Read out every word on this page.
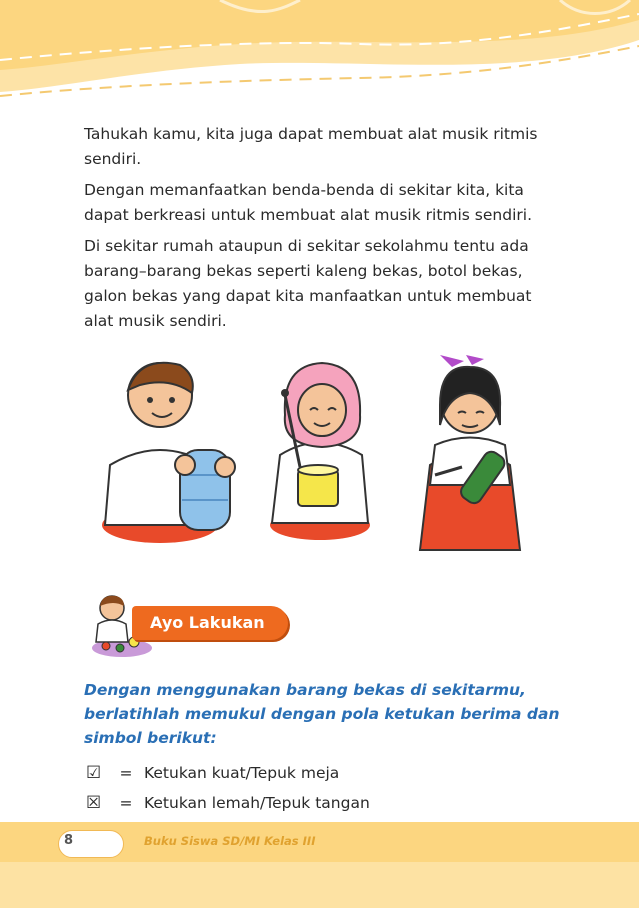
Tahukah kamu, kita juga dapat membuat alat musik ritmis sendiri.

Dengan memanfaatkan benda-benda di sekitar kita, kita dapat berkreasi untuk membuat alat musik ritmis sendiri.

Di sekitar rumah ataupun di sekitar sekolahmu tentu ada barang–barang bekas seperti kaleng bekas, botol bekas, galon bekas yang dapat kita manfaatkan untuk membuat alat musik sendiri.

Ayo Lakukan

Dengan menggunakan barang bekas di sekitarmu, berlatihlah memukul dengan pola ketukan berima dan simbol berikut:

☑	= Ketukan kuat/Tepuk meja
☒	= Ketukan lemah/Tepuk tangan
8	Buku Siswa SD/MI Kelas III
